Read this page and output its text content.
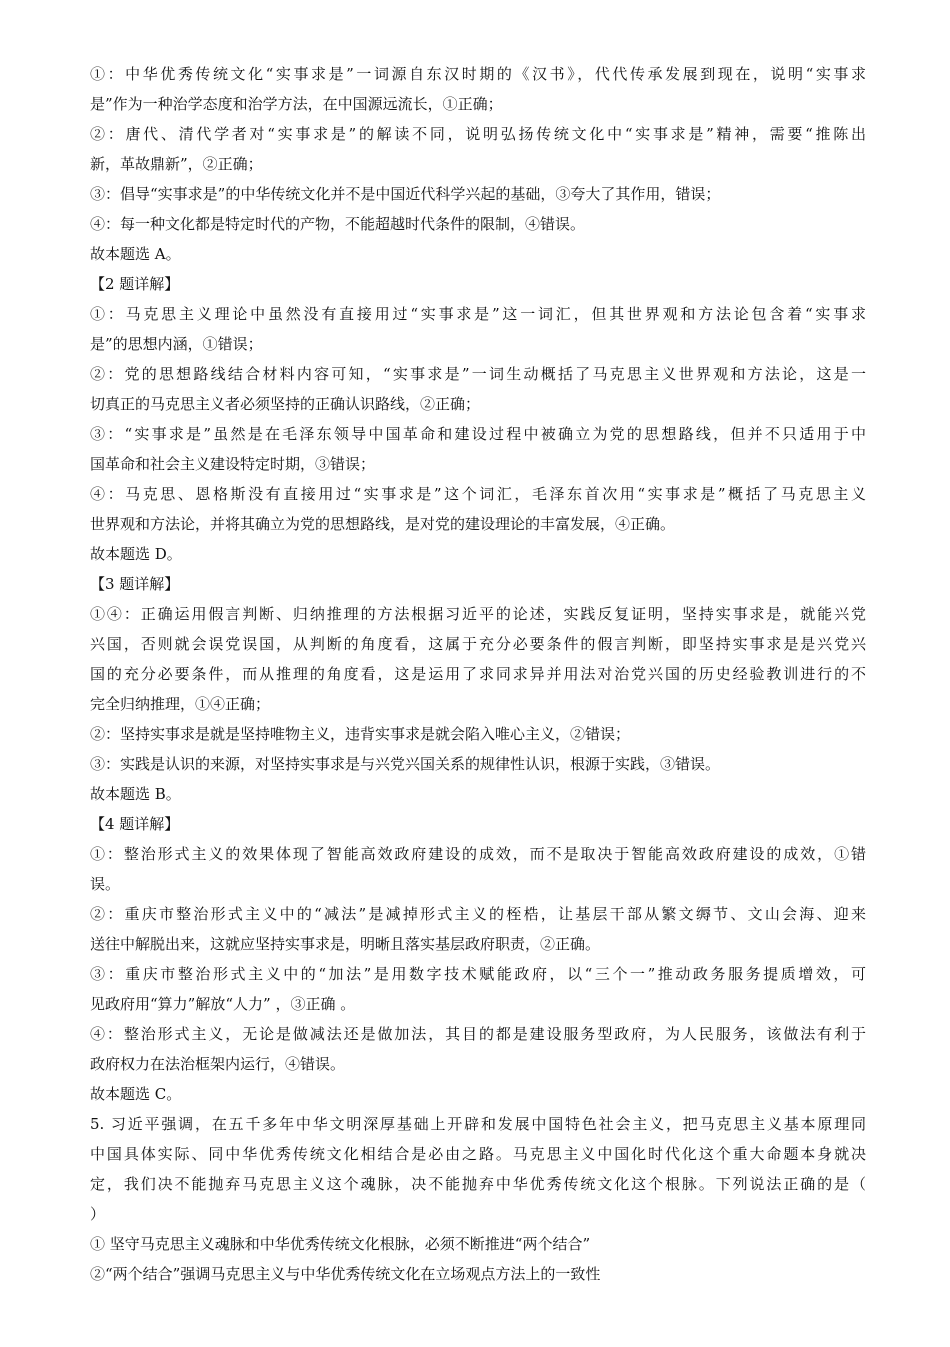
①：中华优秀传统文化“实事求是”一词源自东汉时期的《汉书》，代代传承发展到现在，说明“实事求
是”作为一种治学态度和治学方法，在中国源远流长，①正确；
②：唐代、清代学者对“实事求是”的解读不同，说明弘扬传统文化中“实事求是”精神，需要“推陈出
新，革故鼎新”，②正确；
③：倡导“实事求是”的中华传统文化并不是中国近代科学兴起的基础，③夸大了其作用，错误；
④：每一种文化都是特定时代的产物，不能超越时代条件的限制，④错误。
故本题选 A。
【2 题详解】
①：马克思主义理论中虽然没有直接用过“实事求是”这一词汇，但其世界观和方法论包含着“实事求
是”的思想内涵，①错误；
②：党的思想路线结合材料内容可知，“实事求是”一词生动概括了马克思主义世界观和方法论，这是一
切真正的马克思主义者必须坚持的正确认识路线，②正确；
③：“实事求是”虽然是在毛泽东领导中国革命和建设过程中被确立为党的思想路线，但并不只适用于中
国革命和社会主义建设特定时期，③错误；
④：马克思、恩格斯没有直接用过“实事求是”这个词汇，毛泽东首次用“实事求是”概括了马克思主义
世界观和方法论，并将其确立为党的思想路线，是对党的建设理论的丰富发展，④正确。
故本题选 D。
【3 题详解】
①④：正确运用假言判断、归纳推理的方法根据习近平的论述，实践反复证明，坚持实事求是，就能兴党
兴国，否则就会误党误国，从判断的角度看，这属于充分必要条件的假言判断，即坚持实事求是是兴党兴
国的充分必要条件，而从推理的角度看，这是运用了求同求异并用法对治党兴国的历史经验教训进行的不
完全归纳推理，①④正确；
②：坚持实事求是就是坚持唯物主义，违背实事求是就会陷入唯心主义，②错误；
③：实践是认识的来源，对坚持实事求是与兴党兴国关系的规律性认识，根源于实践，③错误。
故本题选 B。
【4 题详解】
①：整治形式主义的效果体现了智能高效政府建设的成效，而不是取决于智能高效政府建设的成效，①错
误。
②：重庆市整治形式主义中的“减法”是减掉形式主义的桎梏，让基层干部从繁文缛节、文山会海、迎来
送往中解脱出来，这就应坚持实事求是，明晰且落实基层政府职责，②正确。
③：重庆市整治形式主义中的“加法”是用数字技术赋能政府，以“三个一”推动政务服务提质增效，可
见政府用“算力”解放“人力” ，③正确 。
④：整治形式主义，无论是做减法还是做加法，其目的都是建设服务型政府，为人民服务，该做法有利于
政府权力在法治框架内运行，④错误。
故本题选 C。
5. 习近平强调，在五千多年中华文明深厚基础上开辟和发展中国特色社会主义，把马克思主义基本原理同
中国具体实际、同中华优秀传统文化相结合是必由之路。马克思主义中国化时代化这个重大命题本身就决
定，我们决不能抛弃马克思主义这个魂脉，决不能抛弃中华优秀传统文化这个根脉。下列说法正确的是（
）
① 坚守马克思主义魂脉和中华优秀传统文化根脉，必须不断推进“两个结合”
②“两个结合”强调马克思主义与中华优秀传统文化在立场观点方法上的一致性
